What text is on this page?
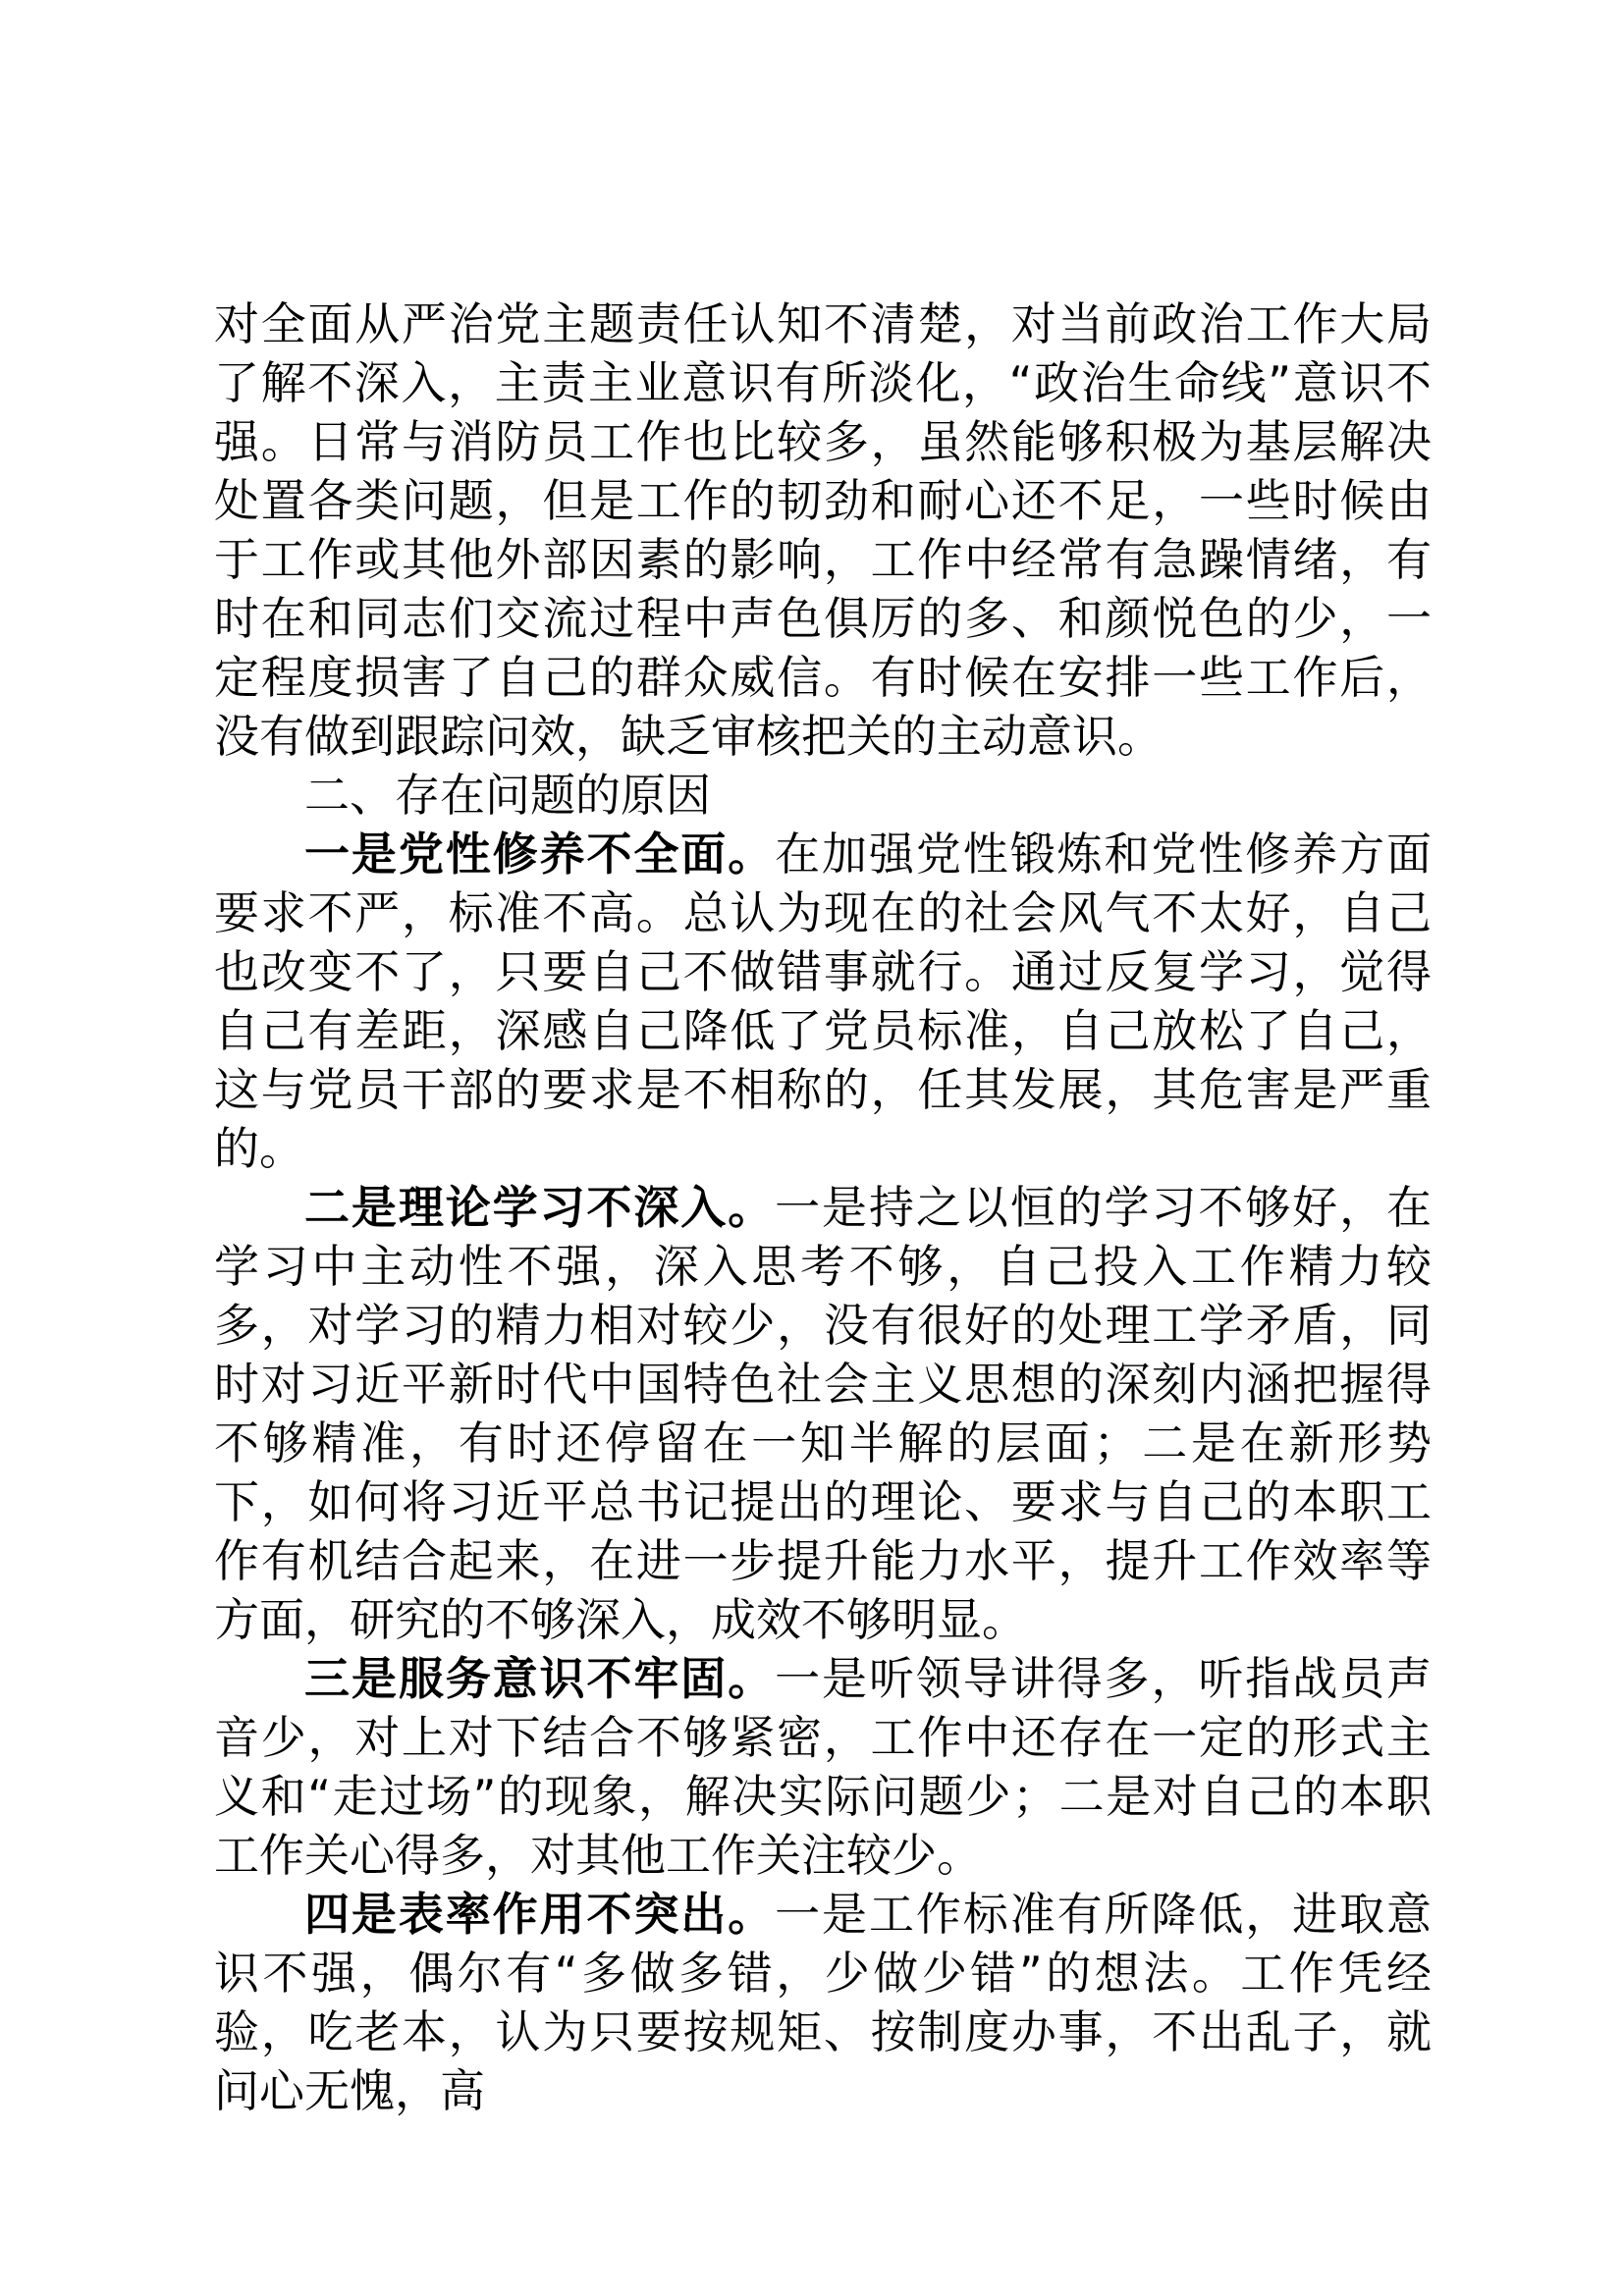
对全面从严治党主题责任认知不清楚，对当前政治工作大局了解不深入，主责主业意识有所淡化，“政治生命线”意识不强。日常与消防员工作也比较多，虽然能够积极为基层解决处置各类问题，但是工作的韧劲和耐心还不足，一些时候由于工作或其他外部因素的影响，工作中经常有急躁情绪，有时在和同志们交流过程中声色俱厉的多、和颜悦色的少，一定程度损害了自己的群众威信。有时候在安排一些工作后，没有做到跟踪问效，缺乏审核把关的主动意识。

二、存在问题的原因

一是党性修养不全面。在加强党性锻炼和党性修养方面要求不严，标准不高。总认为现在的社会风气不太好，自己也改变不了，只要自己不做错事就行。通过反复学习，觉得自己有差距，深感自己降低了党员标准，自己放松了自己，这与党员干部的要求是不相称的，任其发展，其危害是严重的。

二是理论学习不深入。一是持之以恒的学习不够好，在学习中主动性不强，深入思考不够，自己投入工作精力较多，对学习的精力相对较少，没有很好的处理工学矛盾，同时对习近平新时代中国特色社会主义思想的深刻内涵把握得不够精准，有时还停留在一知半解的层面；二是在新形势下，如何将习近平总书记提出的理论、要求与自己的本职工作有机结合起来，在进一步提升能力水平，提升工作效率等方面，研究的不够深入，成效不够明显。

三是服务意识不牢固。一是听领导讲得多，听指战员声音少，对上对下结合不够紧密，工作中还存在一定的形式主义和“走过场”的现象，解决实际问题少；二是对自己的本职工作关心得多，对其他工作关注较少。

四是表率作用不突出。一是工作标准有所降低，进取意识不强，偶尔有“多做多错，少做少错”的想法。工作凭经验，吃老本，认为只要按规矩、按制度办事，不出乱子，就问心无愧，高
